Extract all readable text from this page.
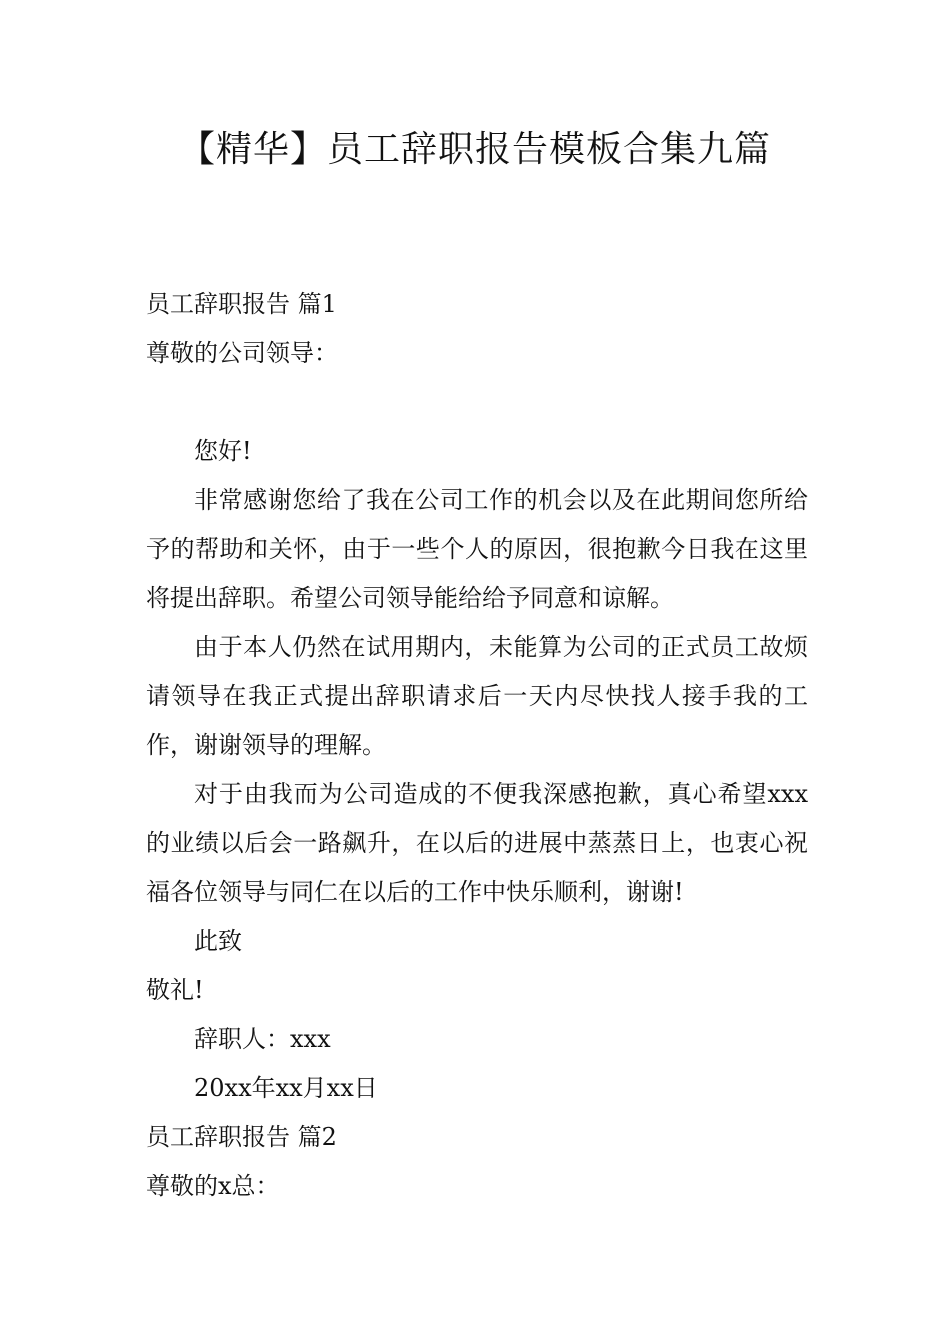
【精华】员工辞职报告模板合集九篇
员工辞职报告 篇1
尊敬的公司领导：
您好!

非常感谢您给了我在公司工作的机会以及在此期间您所给予的帮助和关怀，由于一些个人的原因，很抱歉今日我在这里将提出辞职。希望公司领导能给给予同意和谅解。

由于本人仍然在试用期内，未能算为公司的正式员工故烦请领导在我正式提出辞职请求后一天内尽快找人接手我的工作，谢谢领导的理解。

对于由我而为公司造成的不便我深感抱歉，真心希望xxx的业绩以后会一路飙升，在以后的进展中蒸蒸日上，也衷心祝福各位领导与同仁在以后的工作中快乐顺利，谢谢!

此致
敬礼!
辞职人：xxx
20xx年xx月xx日
员工辞职报告 篇2
尊敬的x总：
